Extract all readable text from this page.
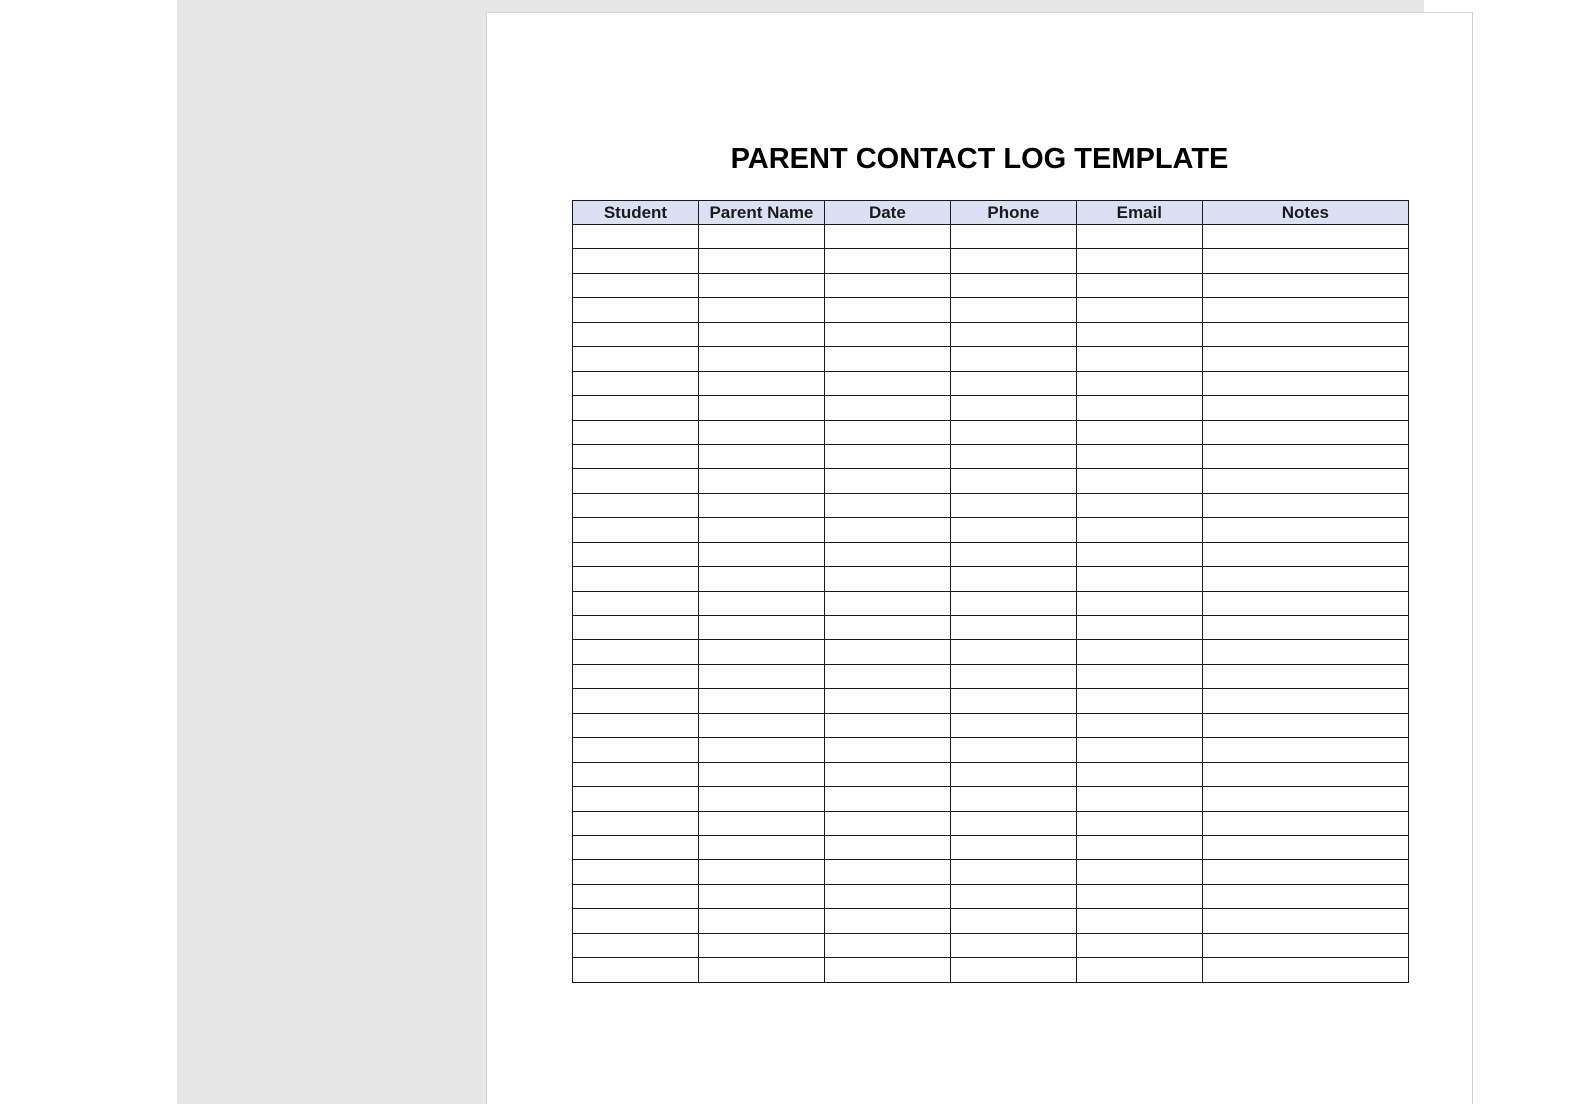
PARENT CONTACT LOG TEMPLATE
Student	Parent Name	Date	Phone	Email	Notes
